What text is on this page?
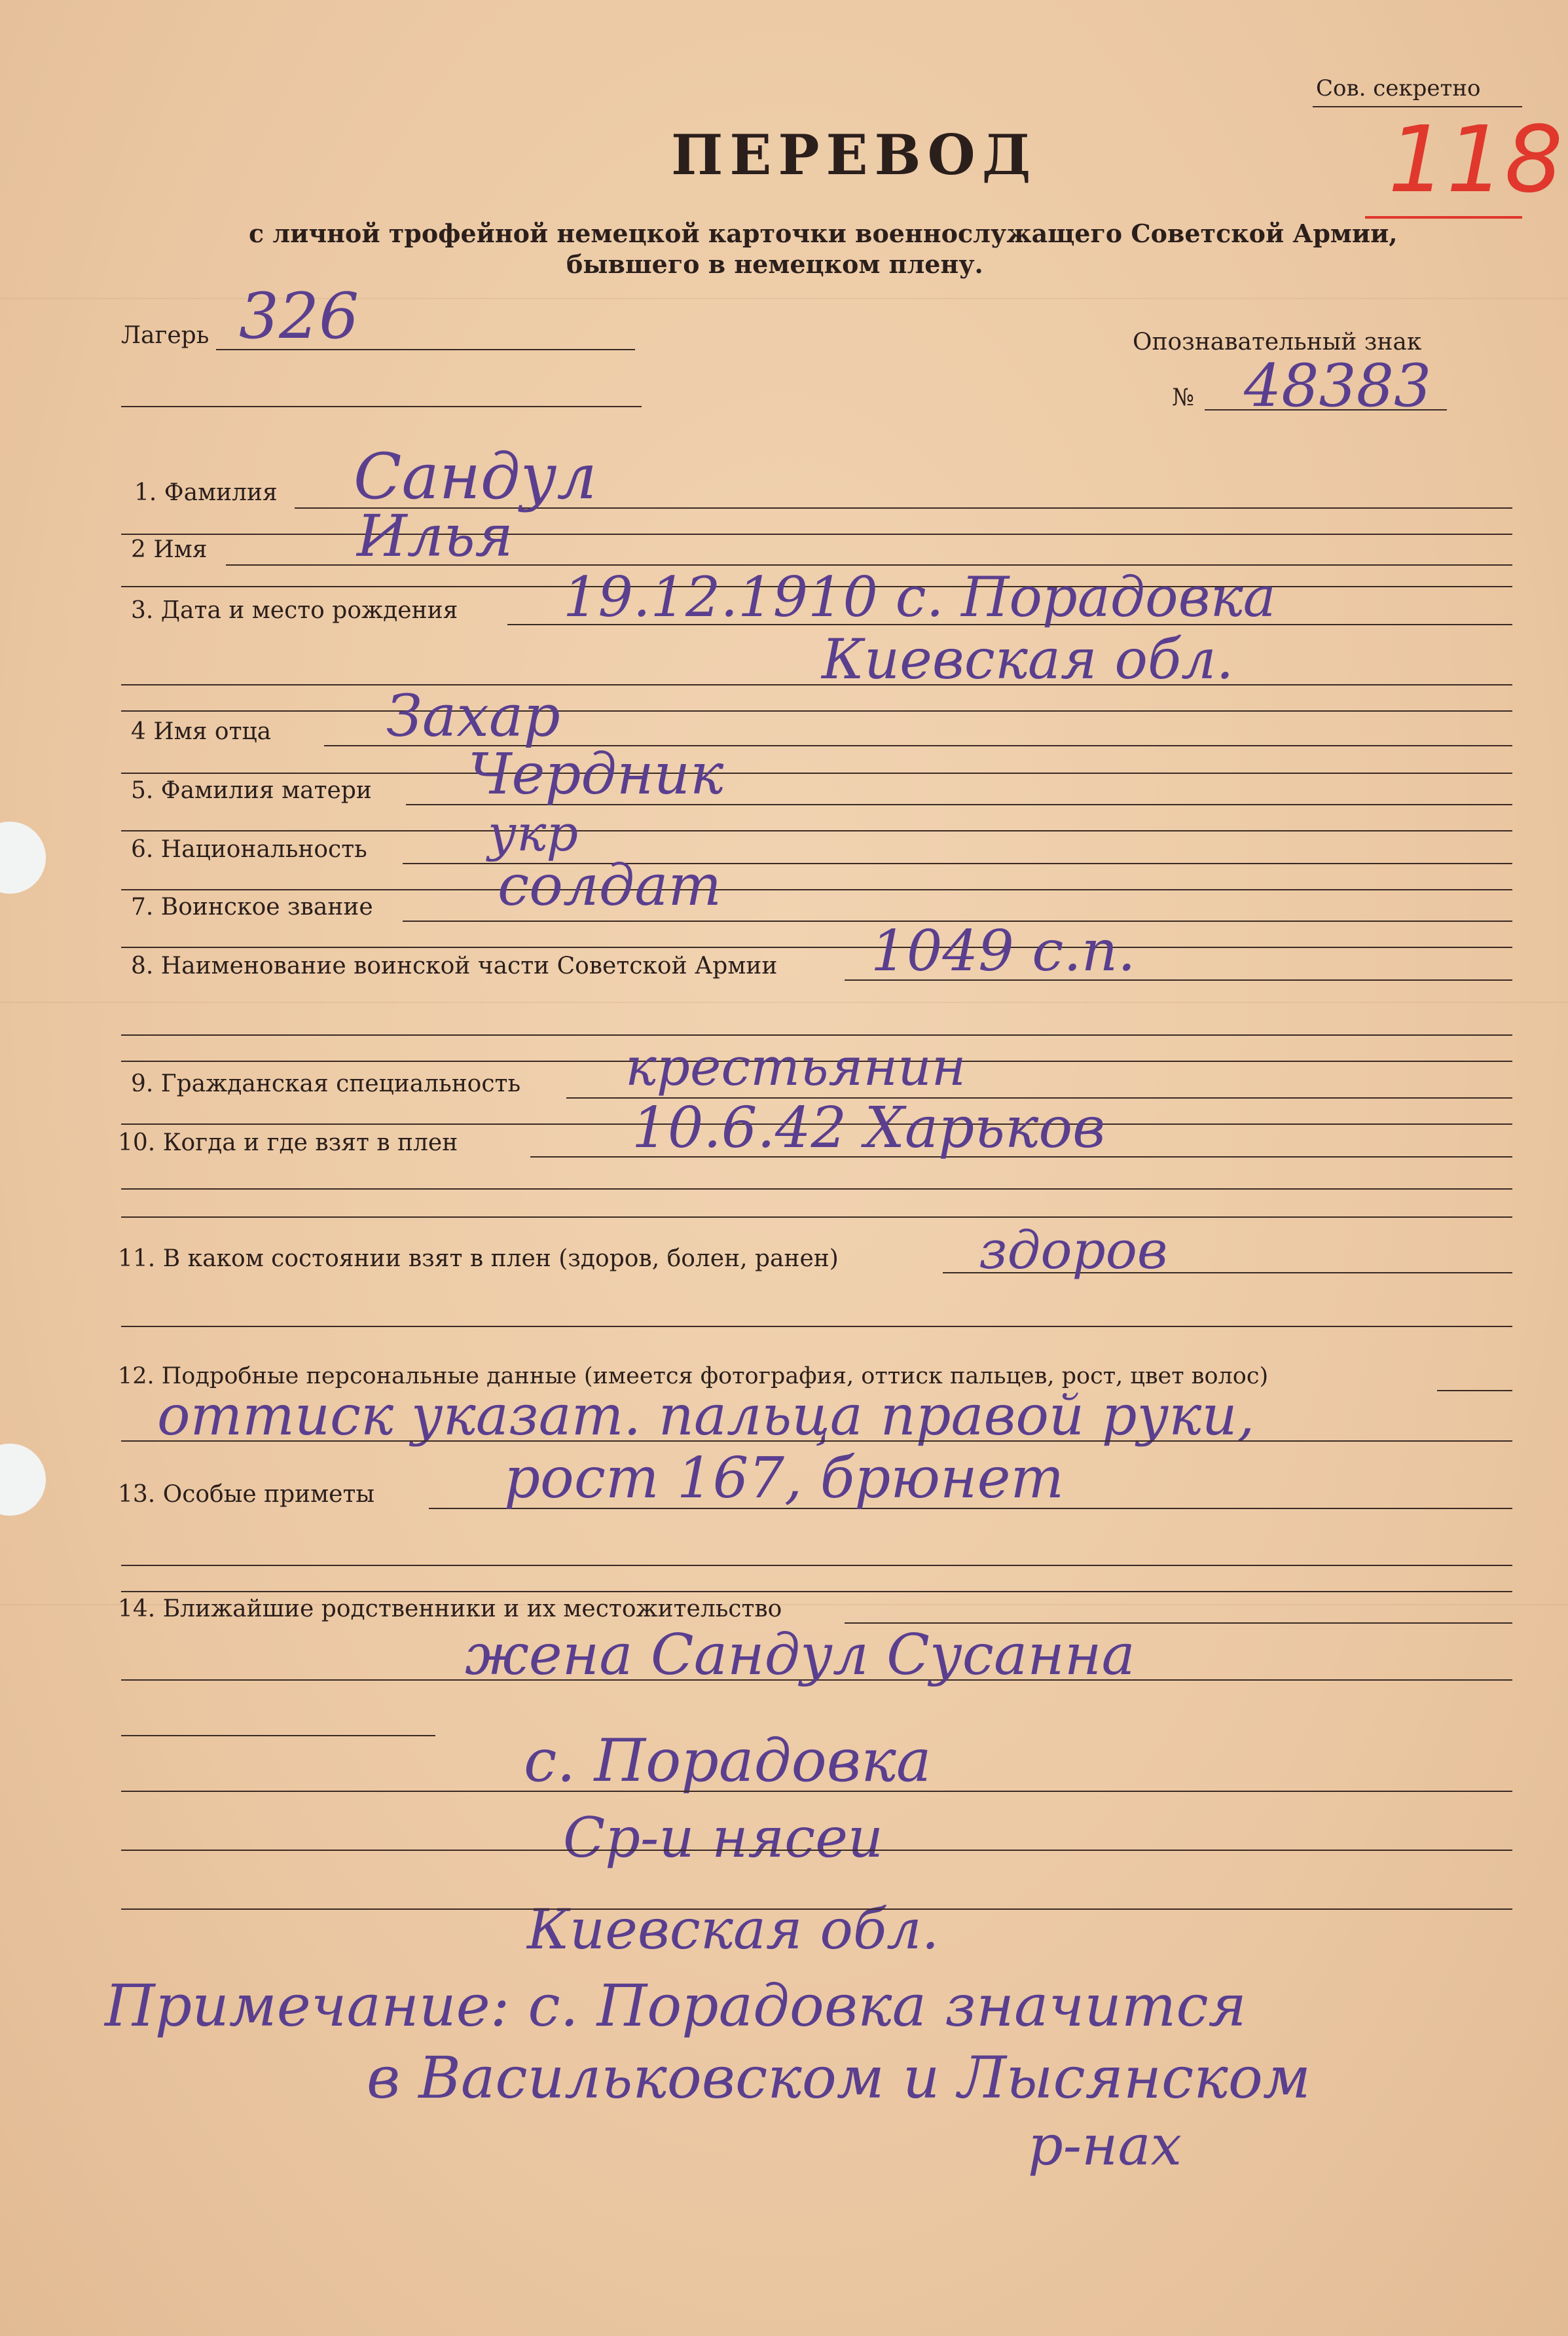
Сов. секретно
118
ПЕРЕВОД
с личной трофейной немецкой карточки военнослужащего Советской Армии,
бывшего в немецком плену.
Лагерь 326	Опознавательный знак
№ 48383
1. Фамилия Сандул
2 Имя	Илья
3. Дата и место рождения 19.12.1910 с. Порадовка
Киевская обл.
4 Имя отца Захар
5. Фамилия матери Чердник
6. Национальность укр
7. Воинское звание солдат
8. Наименование воинской части Советской Армии 1049 с.п.
9. Гражданская специальность крестьянин
10. Когда и где взят в плен	10.6.42 Харьков
11. В каком состоянии взят в плен (здоров, болен, ранен)	здоров
12. Подробные персональные данные (имеется фотография, оттиск пальцев, рост, цвет волос)
оттиск указат. пальца правой руки,
13. Особые приметы рост 167, брюнет
14. Ближайшие родственники и их местожительство
жена Сандул Сусанна
с. Порадовка
Ср-и нясеи
Киевская обл.
Примечание: с. Порадовка значится
в Васильковском и Лысянском
р-нах
